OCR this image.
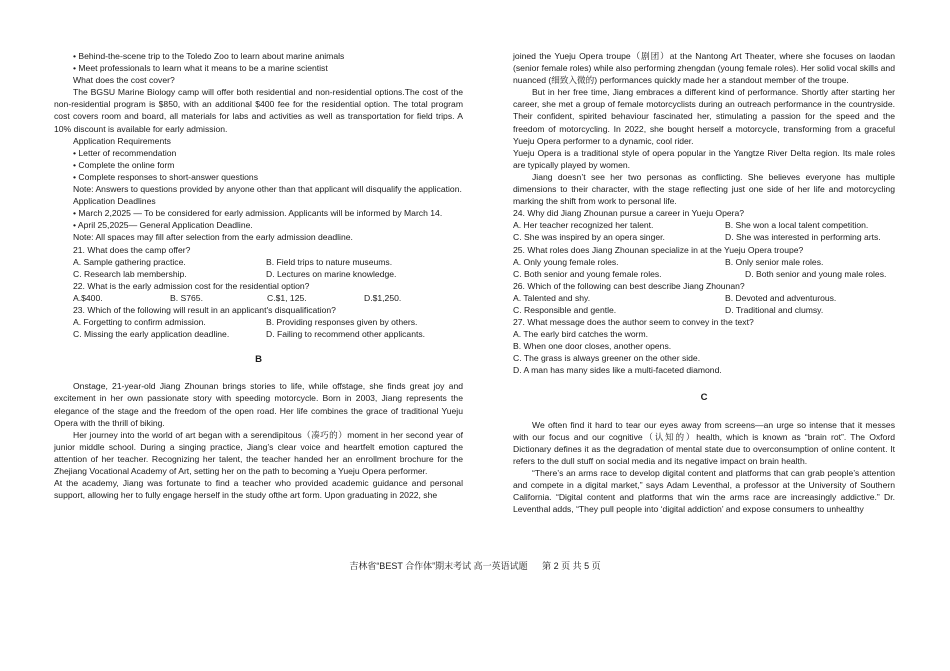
• Behind-the-scene trip to the Toledo Zoo to learn about marine animals

• Meet professionals to learn what it means to be a marine scientist

What does the cost cover?

The BGSU Marine Biology camp will offer both residential and non-residential options.The cost of the non-residential program is $850, with an additional $400 fee for the residential option. The total program cost covers room and board, all materials for labs and activities as well as transportation for field trips. A 10% discount is available for early admission.

Application Requirements

• Letter of recommendation

• Complete the online form

• Complete responses to short-answer questions

Note: Answers to questions provided by anyone other than that applicant will disqualify the application.

Application Deadlines

• March 2,2025 — To be considered for early admission. Applicants will be informed by March 14.

• April 25,2025— General Application Deadline.

Note: All spaces may fill after selection from the early admission deadline.

21. What does the camp offer?

A. Sample gathering practice.	B. Field trips to nature museums.
C. Research lab membership.	D. Lectures on marine knowledge.

22. What is the early admission cost for the residential option?

A.$400.	B. S765.	C.$1, 125.	D.$1,250.

23. Which of the following will result in an applicant's disqualification?

A. Forgetting to confirm admission.	B. Providing responses given by others.
C. Missing the early application deadline.	D. Failing to recommend other applicants.

B

Onstage, 21-year-old Jiang Zhounan brings stories to life, while offstage, she finds great joy and excitement in her own passionate story with speeding motorcycle. Born in 2003, Jiang represents the elegance of the stage and the freedom of the open road. Her life combines the grace of traditional Yueju Opera with the thrill of biking.

Her journey into the world of art began with a serendipitous（凑巧的）moment in her second year of junior middle school. During a singing practice, Jiang’s clear voice and heartfelt emotion captured the attention of her teacher. Recognizing her talent, the teacher handed her an enrollment brochure for the Zhejiang Vocational Academy of Art, setting her on the path to becoming a Yueju Opera performer.

At the academy, Jiang was fortunate to find a teacher who provided academic guidance and personal support, allowing her to fully engage herself in the study ofthe art form. Upon graduating in 2022, she

joined the Yueju Opera troupe（剧团）at the Nantong Art Theater, where she focuses on laodan (senior female roles) while also performing zhengdan (young female roles). Her solid vocal skills and nuanced (细致入微的) performances quickly made her a standout member of the troupe.

But in her free time, Jiang embraces a different kind of performance. Shortly after starting her career, she met a group of female motorcyclists during an outreach performance in the countryside. Their confident, spirited behaviour fascinated her, stimulating a passion for the speed and the freedom of motorcycling. In 2022, she bought herself a motorcycle, transforming from a graceful Yueju Opera performer to a dynamic, cool rider.

Yueju Opera is a traditional style of opera popular in the Yangtze River Delta region. Its male roles are typically played by women.

Jiang doesn’t see her two personas as conflicting. She believes everyone has multiple dimensions to their character, with the stage reflecting just one side of her life and motorcycling marking the shift from work to personal life.

24. Why did Jiang Zhounan pursue a career in Yueju Opera?

A. Her teacher recognized her talent.	B. She won a local talent competition.
C. She was inspired by an opera singer.	D. She was interested in performing arts.

25. What roles does Jiang Zhounan specialize in at the Yueju Opera troupe?

A. Only young female roles.	B. Only senior male roles.
C. Both senior and young female roles.	D. Both senior and young male roles.

26. Which of the following can best describe Jiang Zhounan?

A. Talented and shy.	B. Devoted and adventurous.
C. Responsible and gentle.	D. Traditional and clumsy.

27. What message does the author seem to convey in the text?

A. The early bird catches the worm.

B. When one door closes, another opens.

C. The grass is always greener on the other side.

D. A man has many sides like a multi-faceted diamond.

C

We often find it hard to tear our eyes away from screens—an urge so intense that it messes with our focus and our cognitive（认知的）health, which is known as “brain rot”. The Oxford Dictionary defines it as the degradation of mental state due to overconsumption of online content. It refers to the dull stuff on social media and its negative impact on brain health.

“There’s an arms race to develop digital content and platforms that can grab people’s attention and compete in a digital market,” says Adam Leventhal, a professor at the University of Southern California. “Digital content and platforms that win the arms race are increasingly addictive.” Dr. Leventhal adds, “They pull people into ‘digital addiction’ and expose consumers to unhealthy

吉林省“BEST 合作体”期末考试 高一英语试题 第 2 页 共 5 页
